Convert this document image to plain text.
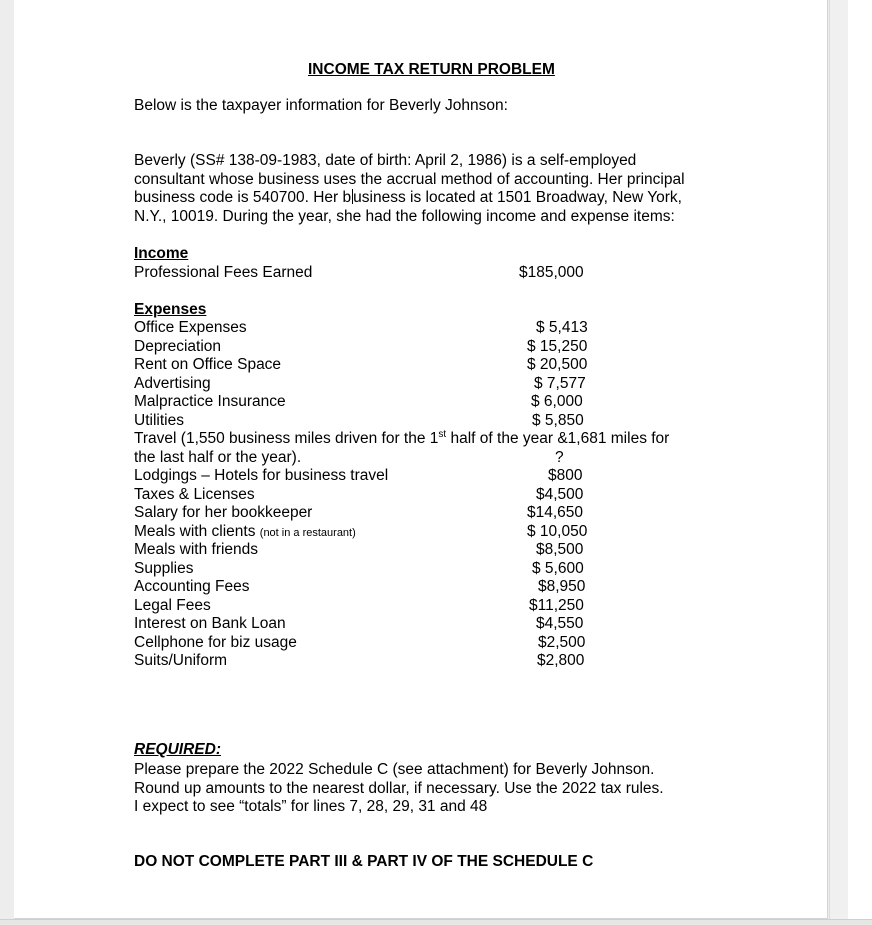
INCOME TAX RETURN PROBLEM
Below is the taxpayer information for Beverly Johnson:
Beverly (SS# 138-09-1983, date of birth: April 2, 1986) is a self-employed
consultant whose business uses the accrual method of accounting. Her principal
business code is 540700. Her b usiness is located at 1501 Broadway, New York,
N.Y., 10019. During the year, she had the following income and expense items:
Income
Professional Fees Earned	$185,000
Expenses
Office Expenses	$ 5,413
Depreciation	$ 15,250
Rent on Office Space	$ 20,500
Advertising	$ 7,577
Malpractice Insurance	$ 6,000
Utilities	$ 5,850
Travel (1,550 business miles driven for the 1st half of the year &1,681 miles for
the last half or the year).	?
Lodgings – Hotels for business travel	$800
Taxes & Licenses	$4,500
Salary for her bookkeeper	$14,650
Meals with clients (not in a restaurant)	$ 10,050
Meals with friends	$8,500
Supplies	$ 5,600
Accounting Fees	$8,950
Legal Fees	$11,250
Interest on Bank Loan	$4,550
Cellphone for biz usage	$2,500
Suits/Uniform	$2,800
REQUIRED:
Please prepare the 2022 Schedule C (see attachment) for Beverly Johnson.
Round up amounts to the nearest dollar, if necessary. Use the 2022 tax rules.
I expect to see “totals” for lines 7, 28, 29, 31 and 48
DO NOT COMPLETE PART III & PART IV OF THE SCHEDULE C
